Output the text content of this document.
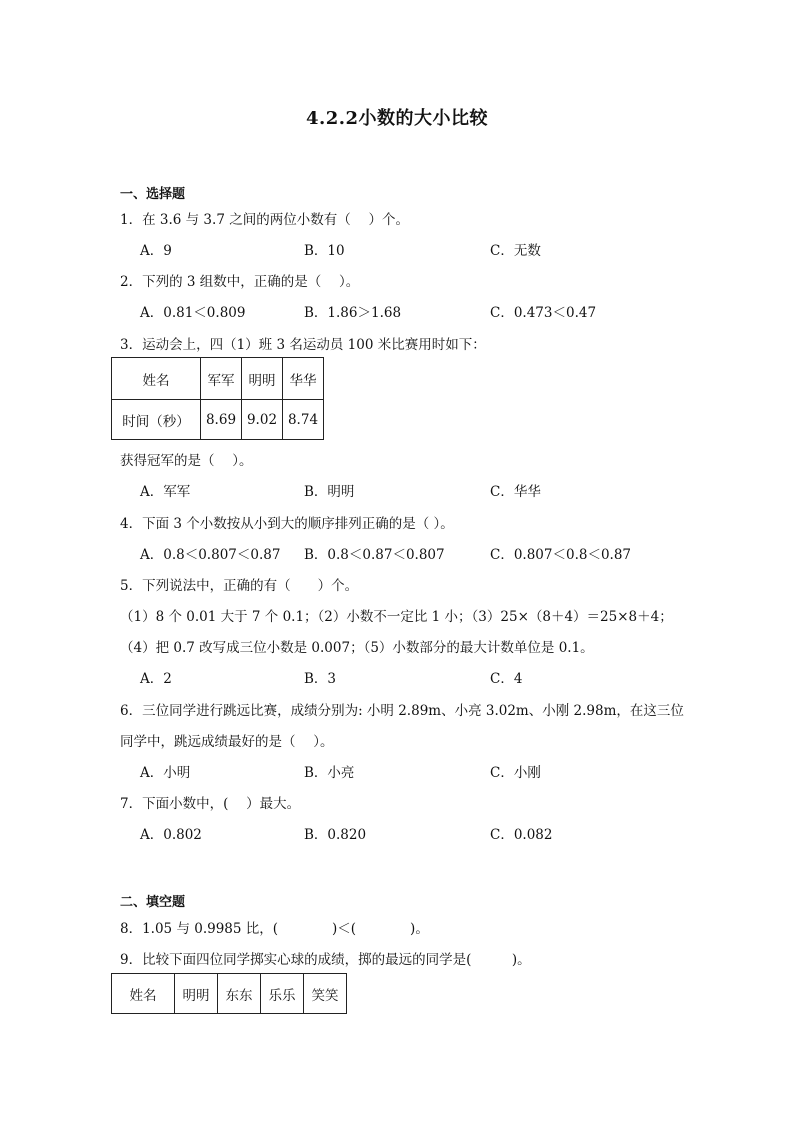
4.2.2小数的大小比较
一、选择题
1．在 3.6 与 3.7 之间的两位小数有（　 ）个。
A．9	B．10	C．无数
2．下列的 3 组数中，正确的是（　 ）。
A．0.81＜0.809	B．1.86＞1.68	C．0.473＜0.47
3．运动会上，四（1）班 3 名运动员 100 米比赛用时如下：
姓名	军军	明明	华华
时间（秒）	8.69	9.02	8.74
获得冠军的是（　 ）。
A．军军	B．明明	C．华华
4．下面 3 个小数按从小到大的顺序排列正确的是（ ）。
A．0.8＜0.807＜0.87 B．0.8＜0.87＜0.807	C．0.807＜0.8＜0.87
5．下列说法中，正确的有（　　）个。
（1）8 个 0.01 大于 7 个 0.1；（2）小数不一定比 1 小；（3）25×（8＋4）＝25×8＋4；
（4）把 0.7 改写成三位小数是 0.007；（5）小数部分的最大计数单位是 0.1。
A．2	B．3	C．4
6．三位同学进行跳远比赛，成绩分别为: 小明 2.89m、小亮 3.02m、小刚 2.98m，在这三位
同学中，跳远成绩最好的是（　 ）。
A．小明	B．小亮	C．小刚
7．下面小数中，(　 ）最大。
A．0.802	B．0.820	C．0.082
二、填空题
8．1.05 与 0.9985 比，(　　　　)＜(　　　　)。
9．比较下面四位同学掷实心球的成绩，掷的最远的同学是(　　　)。
姓名	明明	东东	乐乐	笑笑
